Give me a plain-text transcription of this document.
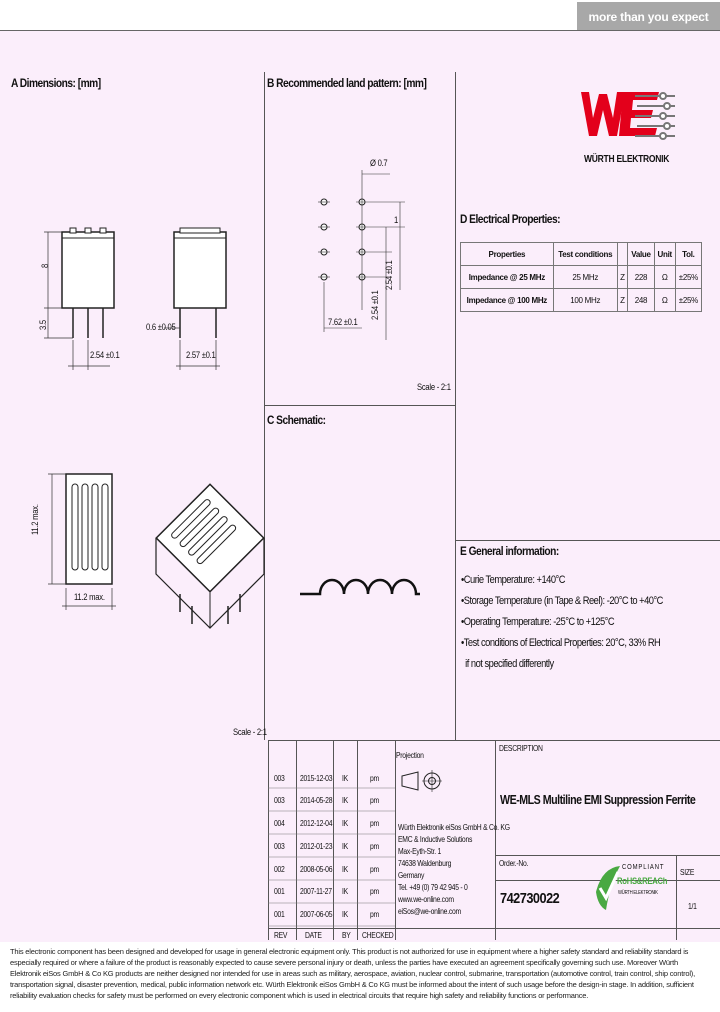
more than you expect
A Dimensions: [mm]	B Recommended land pattern: [mm]
C Schematic:
D Electrical Properties:
E General information:
WÜRTH ELEKTRONIK
8
3.5
2.54 ±0.1
0.6 ±0.05
2.57 ±0.1
11.2 max.
11.2 max.
Scale - 2:1
Ø 0.7
1
2.54 ±0.1
2.54 ±0.1
7.62 ±0.1
Scale - 2:1
Properties	Test conditions		Value	Unit	Tol.
Impedance @ 25 MHz	25 MHz	Z	228	Ω	±25%
Impedance @ 100 MHz	100 MHz	Z	248	Ω	±25%
•Curie Temperature: +140°C
•Storage Temperature (in Tape & Reel): -20°C to +40°C
•Operating Temperature: -25°C to +125°C
•Test conditions of Electrical Properties: 20°C, 33% RH
if not specified differently
003 2015-12-03 IK	pm
003 2014-05-28 IK	pm
004 2012-12-04 IK	pm
003 2012-01-23 IK	pm
002 2008-05-06 IK	pm
001 2007-11-27 IK	pm
001 2007-06-05 IK	pm
REV DATE	BY CHECKED
Projection
Würth Elektronik eiSos GmbH & Co. KG
EMC & Inductive Solutions
Max-Eyth-Str. 1
74638 Waldenburg
Germany
Tel. +49 (0) 79 42 945 - 0
www.we-online.com
eiSos@we-online.com
DESCRIPTION
WE-MLS Multiline EMI Suppression Ferrite
Order.-No.
742730022
SIZE
1/1
COMPLIANT
RoHS&REACh
WÜRTH ELEKTRONIK
This electronic component has been designed and developed for usage in general electronic equipment only. This product is not authorized for use in equipment where a higher safety standard and reliability standard is especially required or where a failure of the product is reasonably expected to cause severe personal injury or death, unless the parties have executed an agreement specifically governing such use. Moreover Würth Elektronik eiSos GmbH & Co KG products are neither designed nor intended for use in areas such as military, aerospace, aviation, nuclear control, submarine, transportation (automotive control, train control, ship control), transportation signal, disaster prevention, medical, public information network etc. Würth Elektronik eiSos GmbH & Co KG must be informed about the intent of such usage before the design-in stage. In addition, sufficient reliability evaluation checks for safety must be performed on every electronic component which is used in electrical circuits that require high safety and reliability functions or performance.
